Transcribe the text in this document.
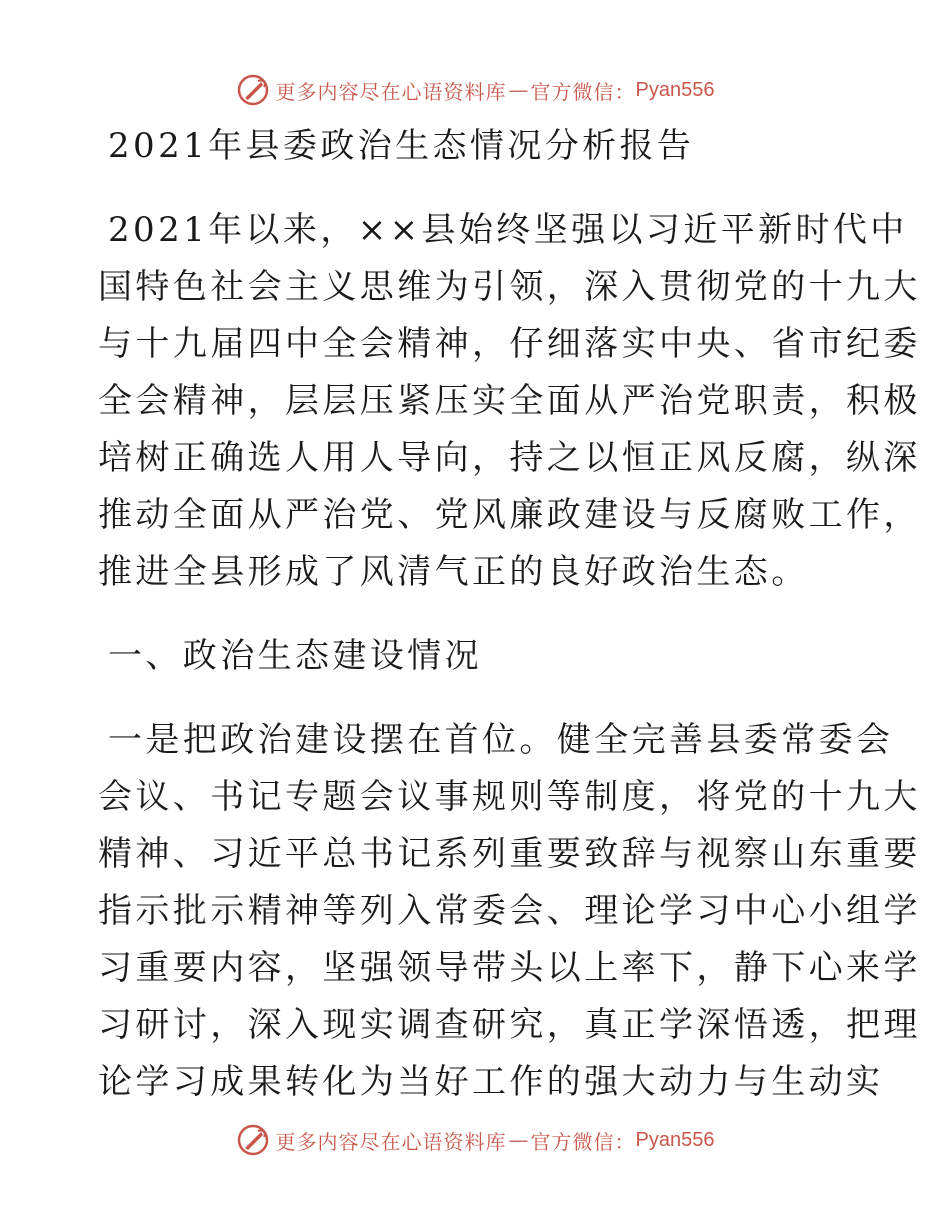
更多内容尽在心语资料库 — 官方微信： Pyan556
2021年县委政治生态情况分析报告
2021年以来，××县始终坚强以习近平新时代中
国特色社会主义思维为引领，深入贯彻党的十九大
与十九届四中全会精神，仔细落实中央、省市纪委
全会精神，层层压紧压实全面从严治党职责，积极
培树正确选人用人导向，持之以恒正风反腐，纵深
推动全面从严治党、党风廉政建设与反腐败工作，
推进全县形成了风清气正的良好政治生态。
一、政治生态建设情况
一是把政治建设摆在首位。健全完善县委常委会
会议、书记专题会议事规则等制度，将党的十九大
精神、习近平总书记系列重要致辞与视察山东重要
指示批示精神等列入常委会、理论学习中心小组学
习重要内容，坚强领导带头以上率下，静下心来学
习研讨，深入现实调查研究，真正学深悟透，把理
论学习成果转化为当好工作的强大动力与生动实
更多内容尽在心语资料库 — 官方微信： Pyan556
